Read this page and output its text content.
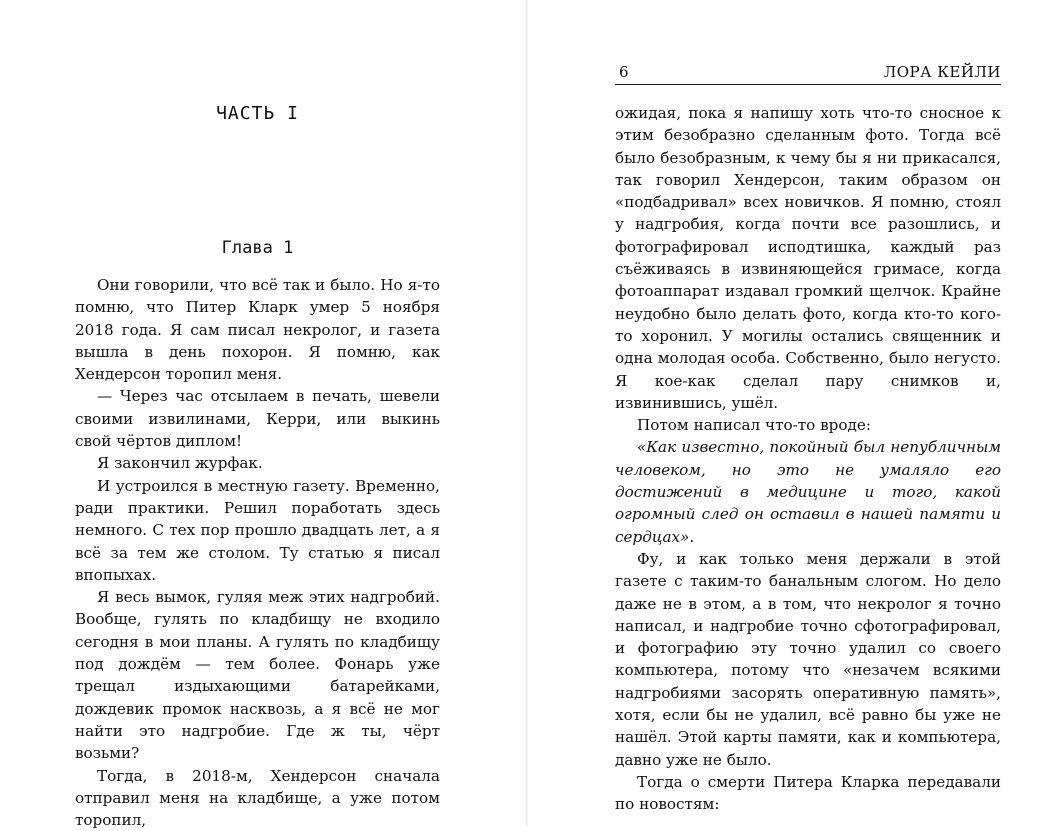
ЧАСТЬ I
Глава 1

Они говорили, что всё так и было. Но я-то помню, что Питер Кларк умер 5 ноября 2018 года. Я сам писал некролог, и газета вышла в день похорон. Я помню, как Хендерсон торопил меня.

— Через час отсылаем в печать, шевели своими извилинами, Керри, или выкинь свой чёртов диплом!

Я закончил журфак.

И устроился в местную газету. Временно, ради практики. Решил поработать здесь немного. С тех пор прошло двадцать лет, а я всё за тем же столом. Ту статью я писал впопыхах.

Я весь вымок, гуляя меж этих надгробий. Вообще, гулять по кладбищу не входило сегодня в мои планы. А гулять по кладбищу под дождём — тем более. Фонарь уже трещал издыхающими батарейками, дождевик промок насквозь, а я всё не мог найти это надгробие. Где ж ты, чёрт возьми?

Тогда, в 2018-м, Хендерсон сначала отправил меня на кладбище, а уже потом торопил,

6	ЛОРА КЕЙЛИ

ожидая, пока я напишу хоть что-то сносное к этим безобразно сделанным фото. Тогда всё было безобразным, к чему бы я ни прикасался, так говорил Хендерсон, таким образом он «подбадривал» всех новичков. Я помню, стоял у надгробия, когда почти все разошлись, и фотографировал исподтишка, каждый раз съёживаясь в извиняющейся гримасе, когда фотоаппарат издавал громкий щелчок. Крайне неудобно было делать фото, когда кто-то кого-то хоронил. У могилы остались священник и одна молодая особа. Собственно, было негусто. Я кое-как сделал пару снимков и, извинившись, ушёл.

Потом написал что-то вроде:

«Как известно, покойный был непубличным человеком, но это не умаляло его достижений в медицине и того, какой огромный след он оставил в нашей памяти и сердцах».

Фу, и как только меня держали в этой газете с таким-то банальным слогом. Но дело даже не в этом, а в том, что некролог я точно написал, и надгробие точно сфотографировал, и фотографию эту точно удалил со своего компьютера, потому что «незачем всякими надгробиями засорять оперативную память», хотя, если бы не удалил, всё равно бы уже не нашёл. Этой карты памяти, как и компьютера, давно уже не было.

Тогда о смерти Питера Кларка передавали по новостям:
